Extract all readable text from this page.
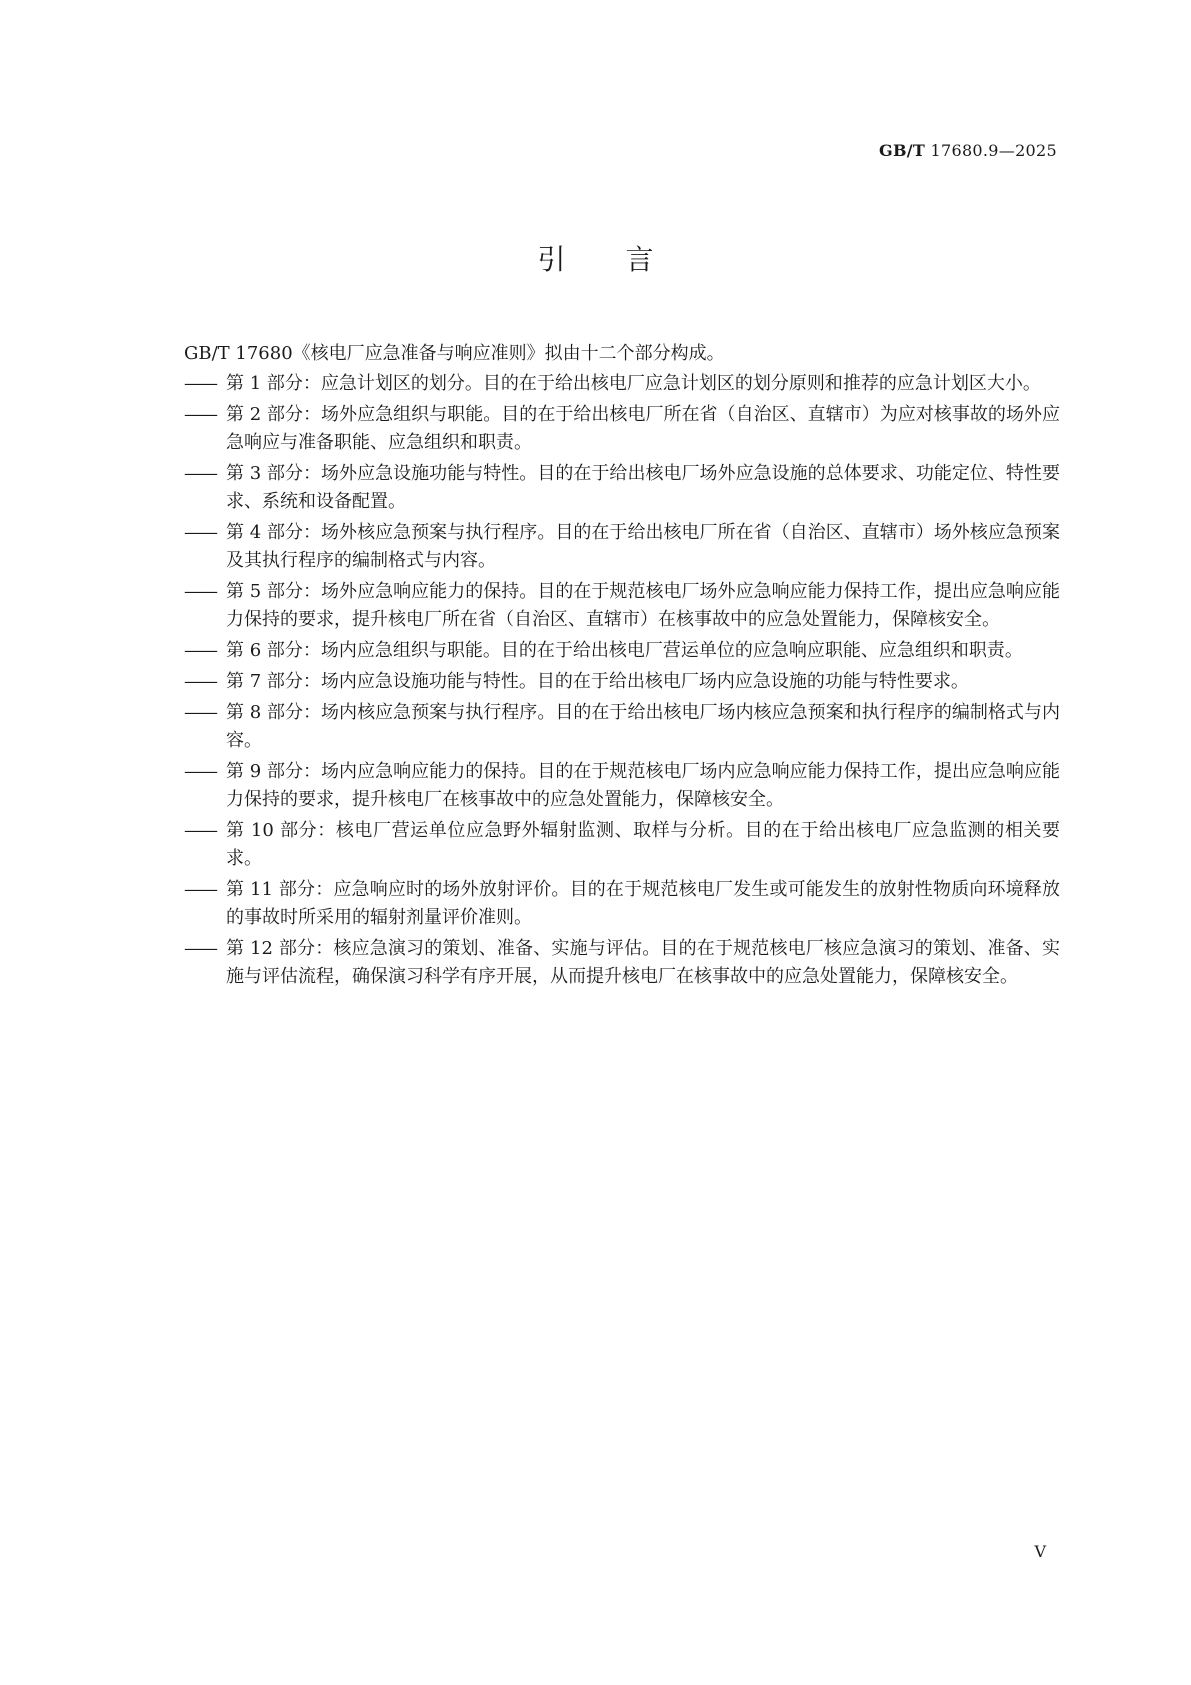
GB/T 17680.9—2025
引言

GB/T 17680《核电厂应急准备与响应准则》拟由十二个部分构成。

—— 第 1 部分：应急计划区的划分。目的在于给出核电厂应急计划区的划分原则和推荐的应急计划区大小。
—— 第 2 部分：场外应急组织与职能。目的在于给出核电厂所在省（自治区、直辖市）为应对核事故的场外应急响应与准备职能、应急组织和职责。
—— 第 3 部分：场外应急设施功能与特性。目的在于给出核电厂场外应急设施的总体要求、功能定位、特性要求、系统和设备配置。
—— 第 4 部分：场外核应急预案与执行程序。目的在于给出核电厂所在省（自治区、直辖市）场外核应急预案及其执行程序的编制格式与内容。
—— 第 5 部分：场外应急响应能力的保持。目的在于规范核电厂场外应急响应能力保持工作，提出应急响应能力保持的要求，提升核电厂所在省（自治区、直辖市）在核事故中的应急处置能力，保障核安全。
—— 第 6 部分：场内应急组织与职能。目的在于给出核电厂营运单位的应急响应职能、应急组织和职责。
—— 第 7 部分：场内应急设施功能与特性。目的在于给出核电厂场内应急设施的功能与特性要求。
—— 第 8 部分：场内核应急预案与执行程序。目的在于给出核电厂场内核应急预案和执行程序的编制格式与内容。
—— 第 9 部分：场内应急响应能力的保持。目的在于规范核电厂场内应急响应能力保持工作，提出应急响应能力保持的要求，提升核电厂在核事故中的应急处置能力，保障核安全。
—— 第 10 部分：核电厂营运单位应急野外辐射监测、取样与分析。目的在于给出核电厂应急监测的相关要求。
—— 第 11 部分：应急响应时的场外放射评价。目的在于规范核电厂发生或可能发生的放射性物质向环境释放的事故时所采用的辐射剂量评价准则。
—— 第 12 部分：核应急演习的策划、准备、实施与评估。目的在于规范核电厂核应急演习的策划、准备、实施与评估流程，确保演习科学有序开展，从而提升核电厂在核事故中的应急处置能力，保障核安全。
V
